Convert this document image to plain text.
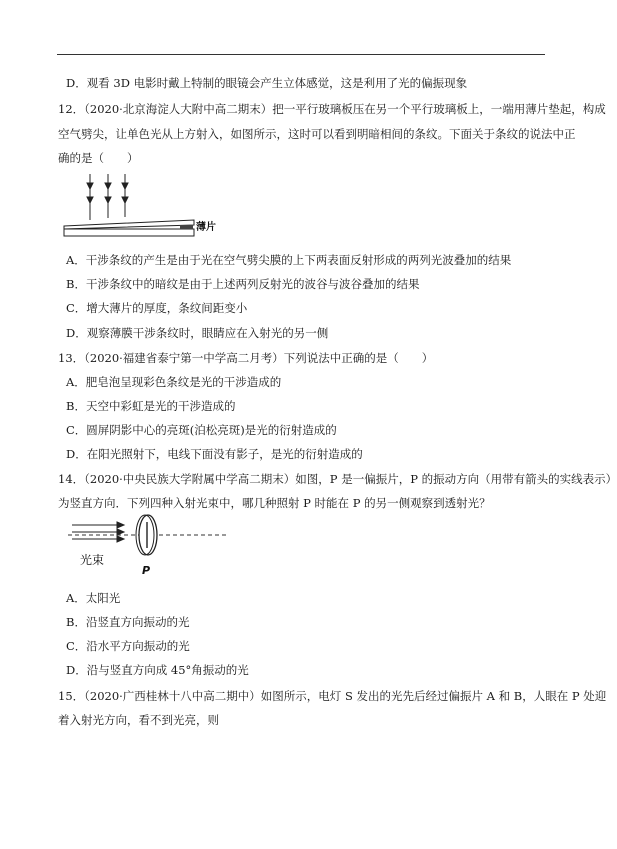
D．观看 3D 电影时戴上特制的眼镜会产生立体感觉，这是利用了光的偏振现象
12．（2020·北京海淀人大附中高二期末）把一平行玻璃板压在另一个平行玻璃板上，一端用薄片垫起，构成
空气劈尖，让单色光从上方射入，如图所示，这时可以看到明暗相间的条纹。下面关于条纹的说法中正
确的是（　　）
薄片
A．干涉条纹的产生是由于光在空气劈尖膜的上下两表面反射形成的两列光波叠加的结果
B．干涉条纹中的暗纹是由于上述两列反射光的波谷与波谷叠加的结果
C．增大薄片的厚度，条纹间距变小
D．观察薄膜干涉条纹时，眼睛应在入射光的另一侧
13．（2020·福建省泰宁第一中学高二月考）下列说法中正确的是（　　）
A．肥皂泡呈现彩色条纹是光的干涉造成的
B．天空中彩虹是光的干涉造成的
C．圆屏阴影中心的亮斑(泊松亮斑)是光的衍射造成的
D．在阳光照射下，电线下面没有影子，是光的衍射造成的
14．（2020·中央民族大学附属中学高二期末）如图，P 是一偏振片，P 的振动方向（用带有箭头的实线表示）
为竖直方向．下列四种入射光束中，哪几种照射 P 时能在 P 的另一侧观察到透射光？
光束
P
A．太阳光
B．沿竖直方向振动的光
C．沿水平方向振动的光
D．沿与竖直方向成 45°角振动的光
15．（2020·广西桂林十八中高二期中）如图所示，电灯 S 发出的光先后经过偏振片 A 和 B，人眼在 P 处迎
着入射光方向，看不到光亮，则
